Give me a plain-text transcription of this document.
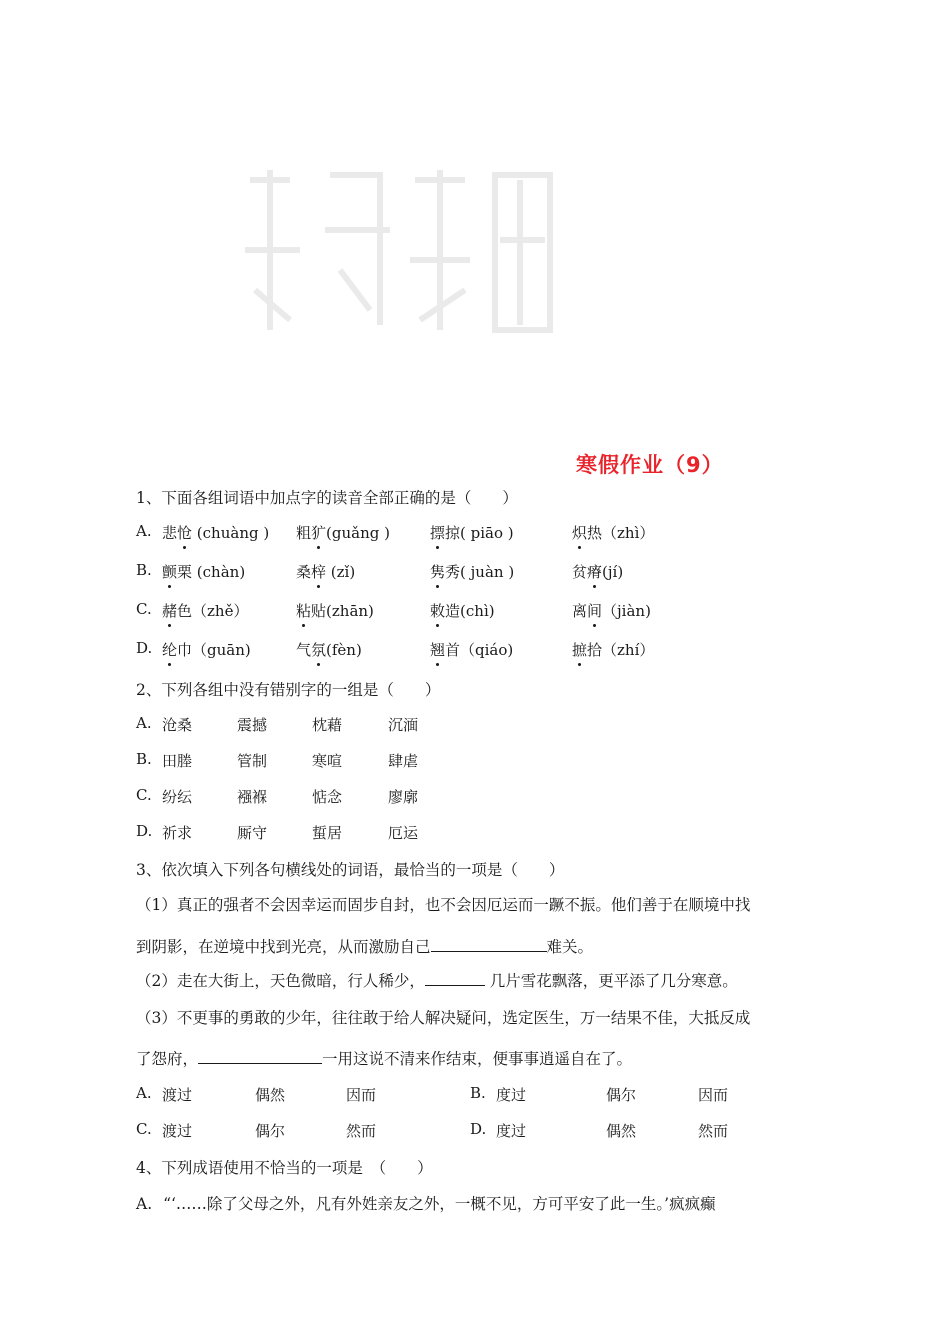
寒假作业（9）
1、下面各组词语中加点字的读音全部正确的是（　　）
A. 悲怆 (chuàng ) 粗犷(guǎng )	摽掠( piāo )	炽热（zhì）
B. 颤栗 (chàn)	桑梓 (zǐ)	隽秀( juàn )	贫瘠(jí)
C. 赭色（zhě）	粘贴(zhān)	敕造(chì)	离间（jiàn)
D. 纶巾（guān)	气氛(fèn)	翘首（qiáo)	摭拾（zhí）
2、下列各组中没有错别字的一组是（　　）
A. 沧桑	震撼	枕藉	沉湎
B. 田塍	管制	寒喧	肆虐
C. 纷纭	襁褓	惦念	廖廓
D. 祈求	厮守	蜇居	厄运
3、依次填入下列各句横线处的词语，最恰当的一项是（　　）
（1）真正的强者不会因幸运而固步自封，也不会因厄运而一蹶不振。他们善于在顺境中找
到阴影，在逆境中找到光亮，从而激励自己	难关。
（2）走在大街上，天色微暗，行人稀少，	几片雪花飘落，更平添了几分寒意。
（3）不更事的勇敢的少年，往往敢于给人解决疑问，选定医生，万一结果不佳，大抵反成
了怨府，	一用这说不清来作结束，便事事逍遥自在了。
A. 渡过	偶然	因而	B. 度过	偶尔	因而
C. 渡过	偶尔	然而	D. 度过	偶然	然而
4、下列成语使用不恰当的一项是　（　　）
A. “‘……除了父母之外，凡有外姓亲友之外，一概不见，方可平安了此一生。’疯疯癫
